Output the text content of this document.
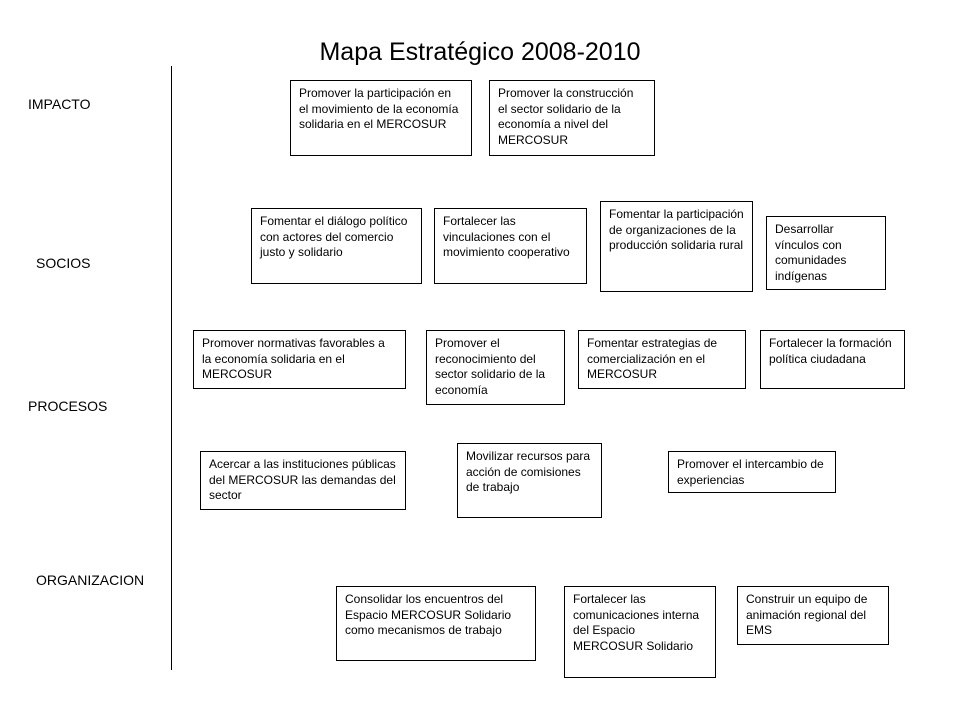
Mapa Estratégico 2008-2010
IMPACTO
SOCIOS
PROCESOS
ORGANIZACION
Promover la participación en el movimiento de la economía solidaria en el MERCOSUR
Promover la construcción el sector solidario de la economía a nivel del MERCOSUR
Fomentar el diálogo político con actores del comercio justo y solidario
Fortalecer las vinculaciones con el movimiento cooperativo
Fomentar la participación de organizaciones de la producción solidaria rural
Desarrollar vínculos con comunidades indígenas
Promover normativas favorables a la economía solidaria en el MERCOSUR
Promover el reconocimiento del sector solidario de la economía
Fomentar estrategias de comercialización en el MERCOSUR
Fortalecer la formación política ciudadana
Acercar a las instituciones públicas del MERCOSUR las demandas del sector
Movilizar recursos para acción de comisiones de trabajo
Promover el intercambio de experiencias
Consolidar los encuentros del Espacio MERCOSUR Solidario como mecanismos de trabajo
Fortalecer las comunicaciones interna del Espacio MERCOSUR Solidario
Construir un equipo de animación regional del EMS
